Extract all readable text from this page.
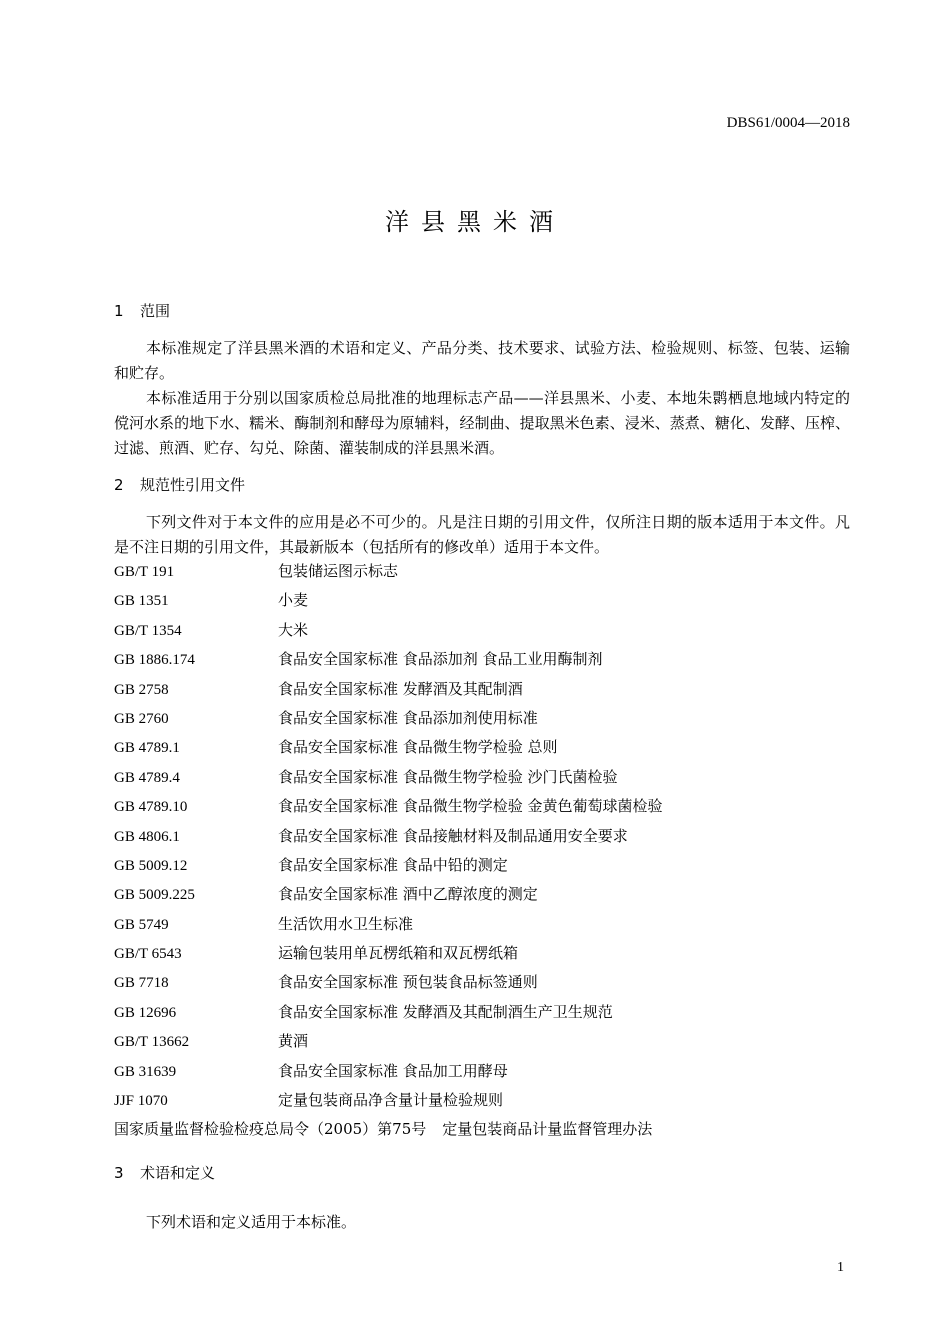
DBS61/0004—2018
洋县黑米酒
1 范围
本标准规定了洋县黑米酒的术语和定义、产品分类、技术要求、试验方法、检验规则、标签、包装、运输和贮存。
本标准适用于分别以国家质检总局批准的地理标志产品——洋县黑米、小麦、本地朱鹮栖息地域内特定的傥河水系的地下水、糯米、酶制剂和酵母为原辅料，经制曲、提取黑米色素、浸米、蒸煮、糖化、发酵、压榨、过滤、煎酒、贮存、勾兑、除菌、灌装制成的洋县黑米酒。
2 规范性引用文件
下列文件对于本文件的应用是必不可少的。凡是注日期的引用文件，仅所注日期的版本适用于本文件。凡是不注日期的引用文件，其最新版本（包括所有的修改单）适用于本文件。
GB/T 191	包装储运图示标志
GB 1351	小麦
GB/T 1354	大米
GB 1886.174	食品安全国家标准 食品添加剂 食品工业用酶制剂
GB 2758	食品安全国家标准 发酵酒及其配制酒
GB 2760	食品安全国家标准 食品添加剂使用标准
GB 4789.1	食品安全国家标准 食品微生物学检验 总则
GB 4789.4	食品安全国家标准 食品微生物学检验 沙门氏菌检验
GB 4789.10	食品安全国家标准 食品微生物学检验 金黄色葡萄球菌检验
GB 4806.1	食品安全国家标准 食品接触材料及制品通用安全要求
GB 5009.12	食品安全国家标准 食品中铅的测定
GB 5009.225	食品安全国家标准 酒中乙醇浓度的测定
GB 5749	生活饮用水卫生标准
GB/T 6543	运输包装用单瓦楞纸箱和双瓦楞纸箱
GB 7718	食品安全国家标准 预包装食品标签通则
GB 12696	食品安全国家标准 发酵酒及其配制酒生产卫生规范
GB/T 13662	黄酒
GB 31639	食品安全国家标准 食品加工用酵母
JJF 1070	定量包装商品净含量计量检验规则
国家质量监督检验检疫总局令（2005）第75号 定量包装商品计量监督管理办法
3 术语和定义
下列术语和定义适用于本标准。
1
